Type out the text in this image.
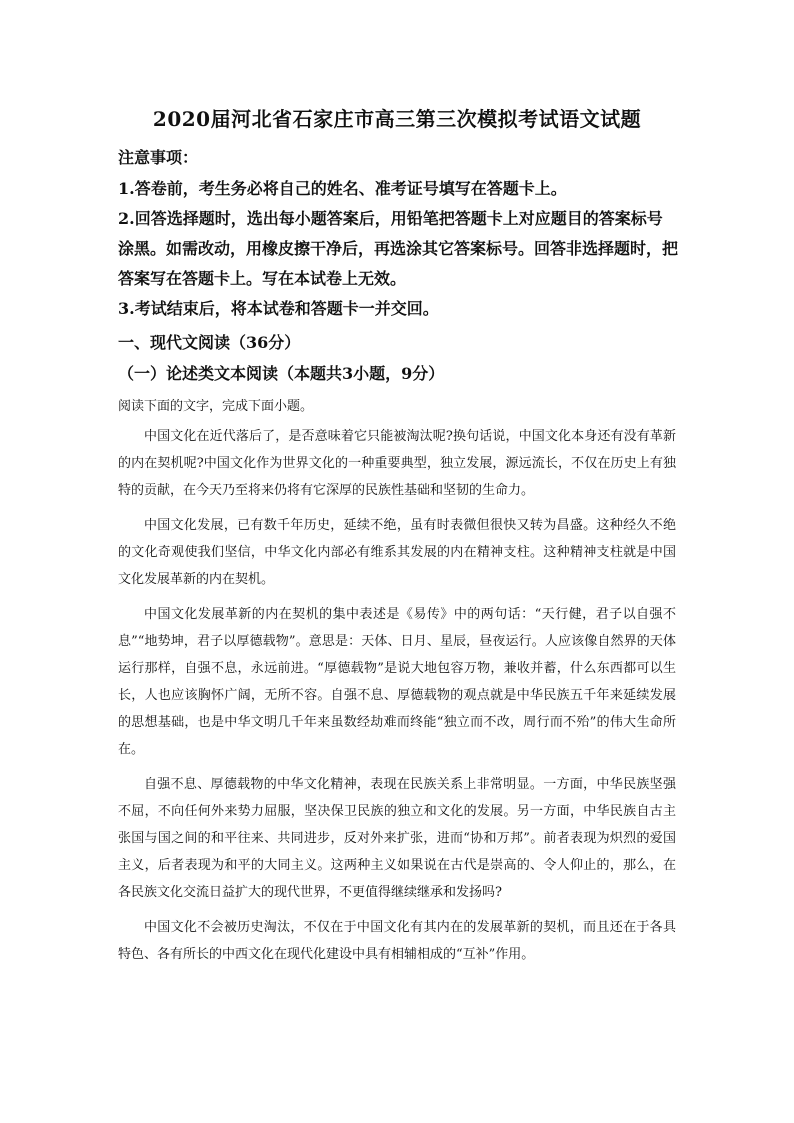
2020届河北省石家庄市高三第三次模拟考试语文试题
注意事项：

1.答卷前，考生务必将自己的姓名、准考证号填写在答题卡上。

2.回答选择题时，选出每小题答案后，用铅笔把答题卡上对应题目的答案标号涂黑。如需改动，用橡皮擦干净后，再选涂其它答案标号。回答非选择题时，把答案写在答题卡上。写在本试卷上无效。

3.考试结束后，将本试卷和答题卡一并交回。

一、现代文阅读（36分）
（一）论述类文本阅读（本题共3小题，9分）
阅读下面的文字，完成下面小题。

中国文化在近代落后了，是否意味着它只能被淘汰呢?换句话说，中国文化本身还有没有革新的内在契机呢?中国文化作为世界文化的一种重要典型，独立发展，源远流长，不仅在历史上有独特的贡献，在今天乃至将来仍将有它深厚的民族性基础和坚韧的生命力。

中国文化发展，已有数千年历史，延续不绝，虽有时表微但很快又转为昌盛。这种经久不绝的文化奇观使我们坚信，中华文化内部必有维系其发展的内在精神支柱。这种精神支柱就是中国文化发展革新的内在契机。

中国文化发展革新的内在契机的集中表述是《易传》中的两句话：“天行健，君子以自强不息”“地势坤，君子以厚德载物”。意思是：天体、日月、星辰，昼夜运行。人应该像自然界的天体运行那样，自强不息，永远前进。“厚德载物”是说大地包容万物，兼收并蓄，什么东西都可以生长，人也应该胸怀广阔，无所不容。自强不息、厚德载物的观点就是中华民族五千年来延续发展的思想基础，也是中华文明几千年来虽数经劫难而终能“独立而不改，周行而不殆”的伟大生命所在。

自强不息、厚德载物的中华文化精神，表现在民族关系上非常明显。一方面，中华民族坚强不屈，不向任何外来势力屈服，坚决保卫民族的独立和文化的发展。另一方面，中华民族自古主张国与国之间的和平往来、共同进步，反对外来扩张，进而“协和万邦”。前者表现为炽烈的爱国主义，后者表现为和平的大同主义。这两种主义如果说在古代是崇高的、令人仰止的，那么，在各民族文化交流日益扩大的现代世界，不更值得继续继承和发扬吗?

中国文化不会被历史淘汰，不仅在于中国文化有其内在的发展革新的契机，而且还在于各具特色、各有所长的中西文化在现代化建设中具有相辅相成的“互补”作用。
